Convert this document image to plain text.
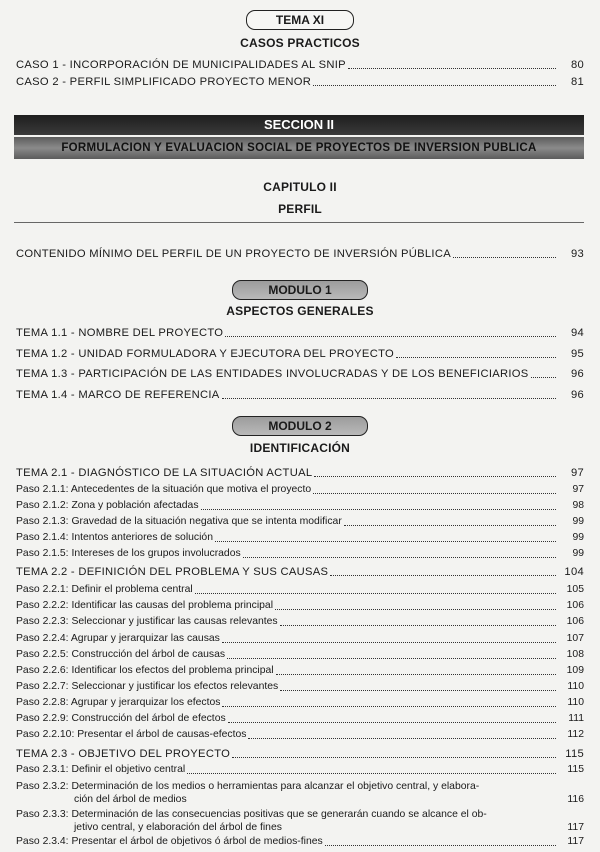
TEMA XI
CASOS PRACTICOS
CASO 1 - INCORPORACIÓN DE MUNICIPALIDADES AL SNIP	80
CASO 2 - PERFIL SIMPLIFICADO PROYECTO MENOR	81
SECCION II
FORMULACION Y EVALUACION SOCIAL DE PROYECTOS DE INVERSION PUBLICA
CAPITULO II
PERFIL
CONTENIDO MÍNIMO DEL PERFIL DE UN PROYECTO DE INVERSIÓN PÚBLICA	93
MODULO 1
ASPECTOS GENERALES
TEMA 1.1 - NOMBRE DEL PROYECTO	94
TEMA 1.2 - UNIDAD FORMULADORA Y EJECUTORA DEL PROYECTO	95
TEMA 1.3 - PARTICIPACIÓN DE LAS ENTIDADES INVOLUCRADAS Y DE LOS BENEFICIARIOS	96
TEMA 1.4 - MARCO DE REFERENCIA	96
MODULO 2
IDENTIFICACIÓN
TEMA 2.1 - DIAGNÓSTICO DE LA SITUACIÓN ACTUAL	97
Paso 2.1.1: Antecedentes de la situación que motiva el proyecto	97
Paso 2.1.2: Zona y población afectadas	98
Paso 2.1.3: Gravedad de la situación negativa que se intenta modificar	99
Paso 2.1.4: Intentos anteriores de solución	99
Paso 2.1.5: Intereses de los grupos involucrados	99
TEMA 2.2 - DEFINICIÓN DEL PROBLEMA Y SUS CAUSAS	104
Paso 2.2.1: Definir el problema central	105
Paso 2.2.2: Identificar las causas del problema principal	106
Paso 2.2.3: Seleccionar y justificar las causas relevantes	106
Paso 2.2.4: Agrupar y jerarquizar las causas	107
Paso 2.2.5: Construcción del árbol de causas	108
Paso 2.2.6: Identificar los efectos del problema principal	109
Paso 2.2.7: Seleccionar y justificar los efectos relevantes	110
Paso 2.2.8: Agrupar y jerarquizar los efectos	110
Paso 2.2.9: Construcción del árbol de efectos	111
Paso 2.2.10: Presentar el árbol de causas-efectos	112
TEMA 2.3 - OBJETIVO DEL PROYECTO	115
Paso 2.3.1: Definir el objetivo central	115
Paso 2.3.2: Determinación de los medios o herramientas para alcanzar el objetivo central, y elabora-
ción del árbol de medios	116
Paso 2.3.3: Determinación de las consecuencias positivas que se generarán cuando se alcance el ob-
jetivo central, y elaboración del árbol de fines	117
Paso 2.3.4: Presentar el árbol de objetivos ó árbol de medios-fines	117
